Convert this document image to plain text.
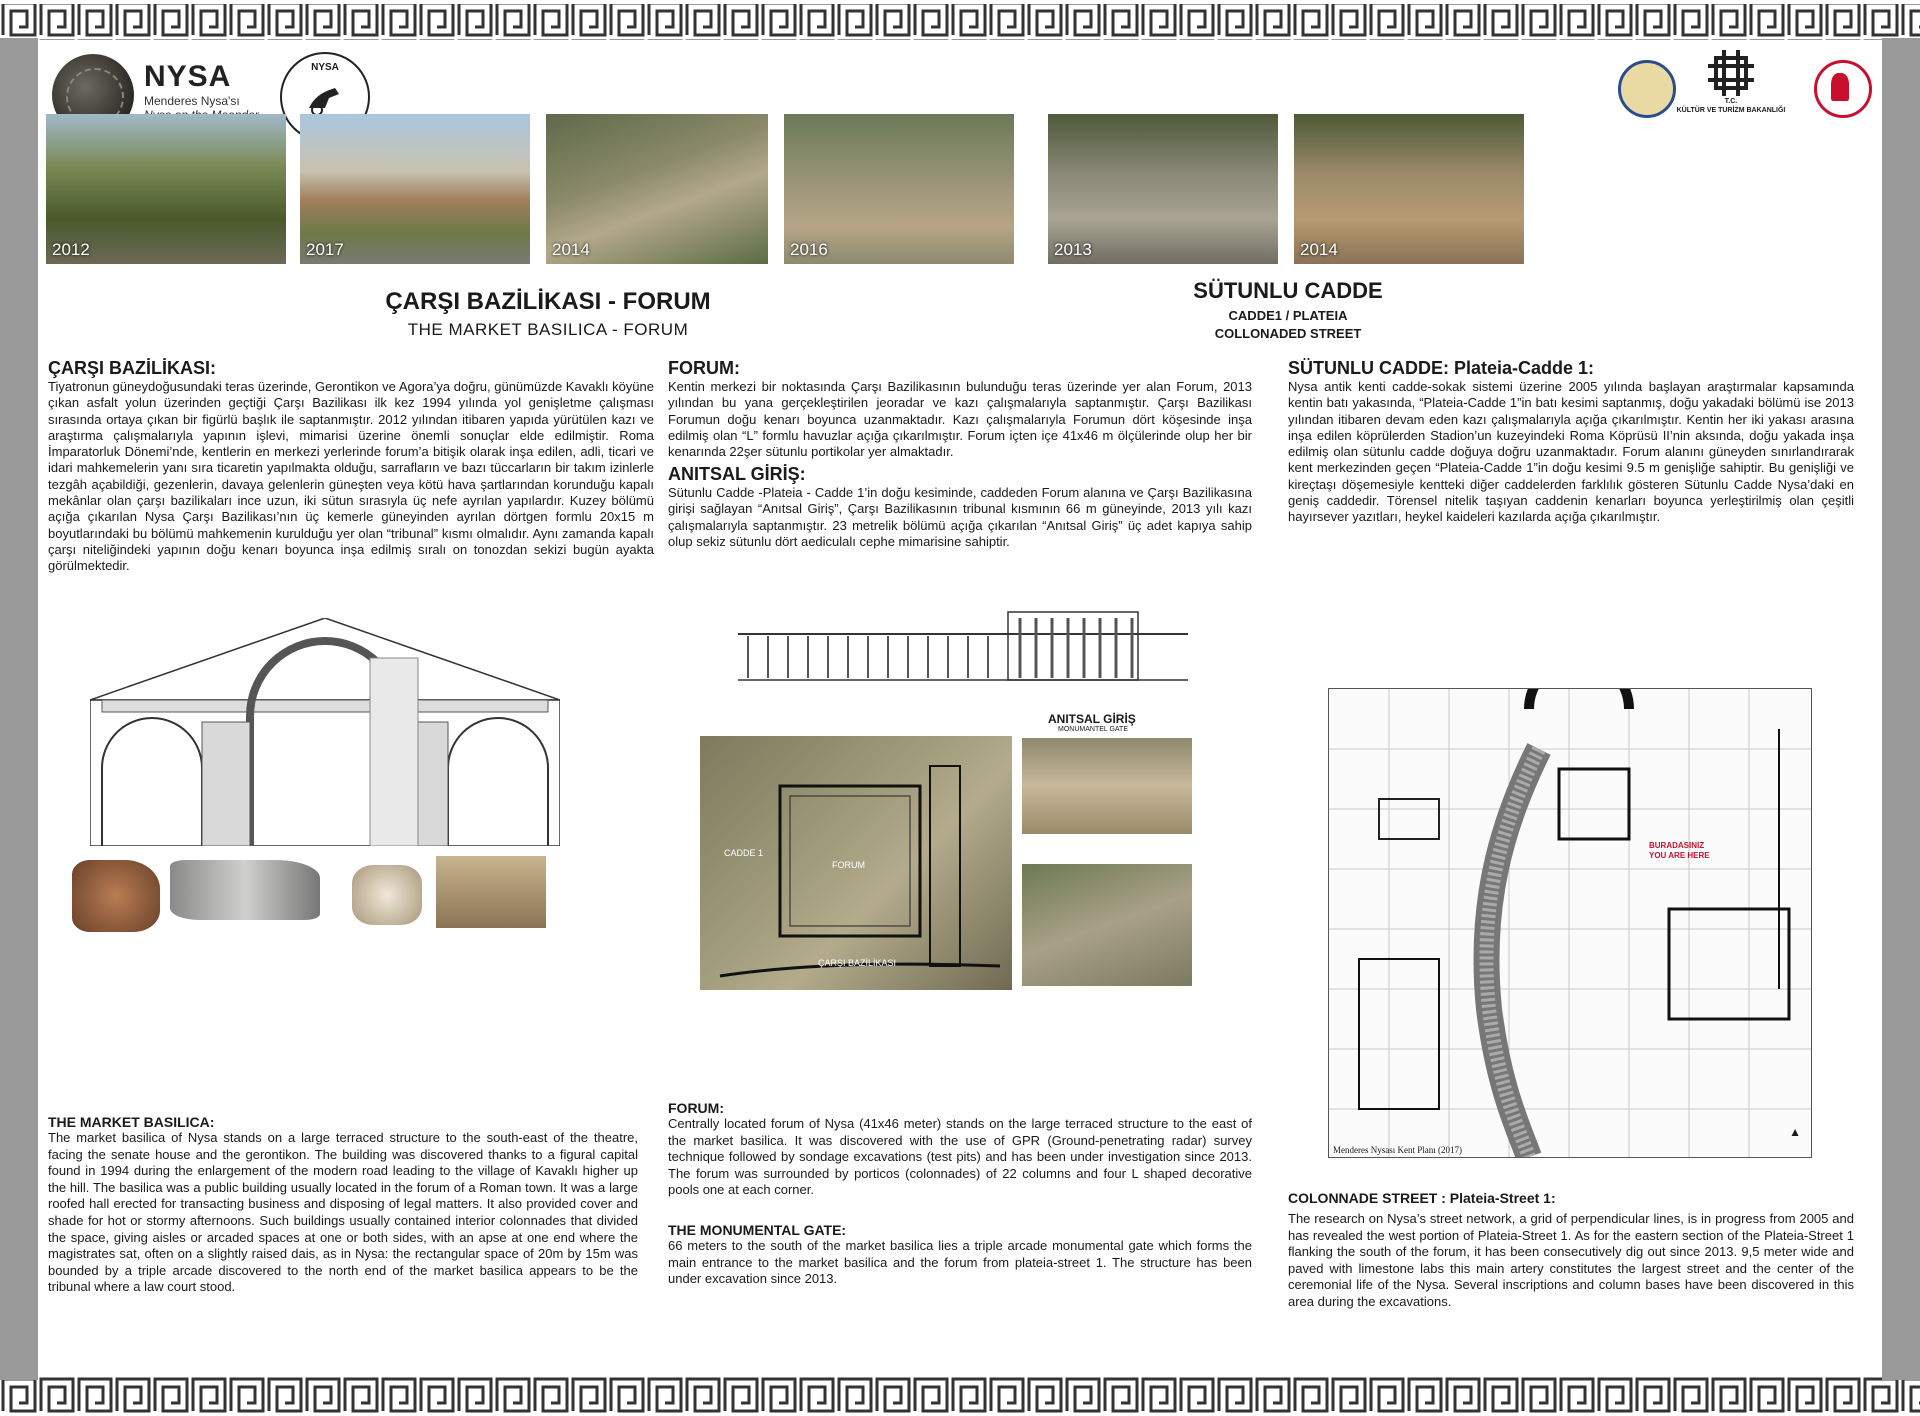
NYSA
Menderes Nysa'sı
NYSA
T.C.
KÜLTÜR VE TURİZM BAKANLIĞI
2012	2017	2014	2016	2013	2014
ÇARŞI BAZİLİKASI - FORUM
THE MARKET BASILICA - FORUM
SÜTUNLU CADDE
CADDE1 / PLATEIA
COLLONADED STREET
ÇARŞI BAZİLİKASI:

Tiyatronun güneydoğusundaki teras üzerinde, Gerontikon ve Agora’ya doğru, günümüzde Kavaklı köyüne çıkan asfalt yolun üzerinden geçtiği Çarşı Bazilikası ilk kez 1994 yılında yol genişletme çalışması sırasında ortaya çıkan bir figürlü başlık ile saptanmıştır. 2012 yılından itibaren yapıda yürütülen kazı ve araştırma çalışmalarıyla yapının işlevi, mimarisi üzerine önemli sonuçlar elde edilmiştir. Roma İmparatorluk Dönemi’nde, kentlerin en merkezi yerlerinde forum’a bitişik olarak inşa edilen, adli, ticari ve idari mahkemelerin yanı sıra ticaretin yapılmakta olduğu, sarrafların ve bazı tüccarların bir takım izinlerle tezgâh açabildiği, gezenlerin, davaya gelenlerin güneşten veya kötü hava şartlarından korunduğu kapalı mekânlar olan çarşı bazilikaları ince uzun, iki sütun sırasıyla üç nefe ayrılan yapılardır. Kuzey bölümü açığa çıkarılan Nysa Çarşı Bazilikası’nın üç kemerle güneyinden ayrılan dörtgen formlu 20x15 m boyutlarındaki bu bölümü mahkemenin kurulduğu yer olan “tribunal” kısmı olmalıdır. Aynı zamanda kapalı çarşı niteliğindeki yapının doğu kenarı boyunca inşa edilmiş sıralı on tonozdan sekizi bugün ayakta görülmektedir.

THE MARKET BASILICA:

The market basilica of Nysa stands on a large terraced structure to the south-east of the theatre, facing the senate house and the gerontikon. The building was discovered thanks to a figural capital found in 1994 during the enlargement of the modern road leading to the village of Kavaklı higher up the hill. The basilica was a public building usually located in the forum of a Roman town. It was a large roofed hall erected for transacting business and disposing of legal matters. It also provided cover and shade for hot or stormy afternoons. Such buildings usually contained interior colonnades that divided the space, giving aisles or arcaded spaces at one or both sides, with an apse at one end where the magistrates sat, often on a slightly raised dais, as in Nysa: the rectangular space of 20m by 15m was bounded by a triple arcade discovered to the north end of the market basilica appears to be the tribunal where a law court stood.

FORUM:

Kentin merkezi bir noktasında Çarşı Bazilikasının bulunduğu teras üzerinde yer alan Forum, 2013 yılından bu yana gerçekleştirilen jeoradar ve kazı çalışmalarıyla saptanmıştır. Çarşı Bazilikası Forumun doğu kenarı boyunca uzanmaktadır. Kazı çalışmalarıyla Forumun dört köşesinde inşa edilmiş olan “L” formlu havuzlar açığa çıkarılmıştır. Forum içten içe 41x46 m ölçülerinde olup her bir kenarında 22şer sütunlu portikolar yer almaktadır.

ANITSAL GİRİŞ:

Sütunlu Cadde -Plateia - Cadde 1’in doğu kesiminde, caddeden Forum alanına ve Çarşı Bazilikasına girişi sağlayan “Anıtsal Giriş”, Çarşı Bazilikasının tribunal kısmının 66 m güneyinde, 2013 yılı kazı çalışmalarıyla saptanmıştır. 23 metrelik bölümü açığa çıkarılan “Anıtsal Giriş” üç adet kapıya sahip olup sekiz sütunlu dört aediculalı cephe mimarisine sahiptir.

ANITSAL GİRİŞ
MONUMANTEL GATE
FORUM
ÇARŞI BAZİLİKASI
CADDE 1
FORUM:

Centrally located forum of Nysa (41x46 meter) stands on the large terraced structure to the east of the market basilica. It was discovered with the use of GPR (Ground-penetrating radar) survey technique followed by sondage excavations (test pits) and has been under investigation since 2013. The forum was surrounded by porticos (colonnades) of 22 columns and four L shaped decorative pools one at each corner.

THE MONUMENTAL GATE:

66 meters to the south of the market basilica lies a triple arcade monumental gate which forms the main entrance to the market basilica and the forum from plateia-street 1. The structure has been under excavation since 2013.

SÜTUNLU CADDE: Plateia-Cadde 1:

Nysa antik kenti cadde-sokak sistemi üzerine 2005 yılında başlayan araştırmalar kapsamında kentin batı yakasında, “Plateia-Cadde 1”in batı kesimi saptanmış, doğu yakadaki bölümü ise 2013 yılından itibaren devam eden kazı çalışmalarıyla açığa çıkarılmıştır. Kentin her iki yakası arasına inşa edilen köprülerden Stadion’un kuzeyindeki Roma Köprüsü II’nin aksında, doğu yakada inşa edilmiş olan sütunlu cadde doğuya doğru uzanmaktadır. Forum alanını güneyden sınırlandırarak kent merkezinden geçen “Plateia-Cadde 1”in doğu kesimi 9.5 m genişliğe sahiptir. Bu genişliği ve kireçtaşı döşemesiyle kentteki diğer caddelerden farklılık gösteren Sütunlu Cadde Nysa’daki en geniş caddedir. Törensel nitelik taşıyan caddenin kenarları boyunca yerleştirilmiş olan çeşitli hayırsever yazıtları, heykel kaideleri kazılarda açığa çıkarılmıştır.

BURADASINIZ
YOU ARE HERE
Menderes Nysası Kent Planı (2017)
▲
COLONNADE STREET : Plateia-Street 1:

The research on Nysa’s street network, a grid of perpendicular lines, is in progress from 2005 and has revealed the west portion of Plateia-Street 1. As for the eastern section of the Plateia-Street 1 flanking the south of the forum, it has been consecutively dig out since 2013. 9,5 meter wide and paved with limestone labs this main artery constitutes the largest street and the center of the ceremonial life of the Nysa. Several inscriptions and column bases have been discovered in this area during the excavations.
